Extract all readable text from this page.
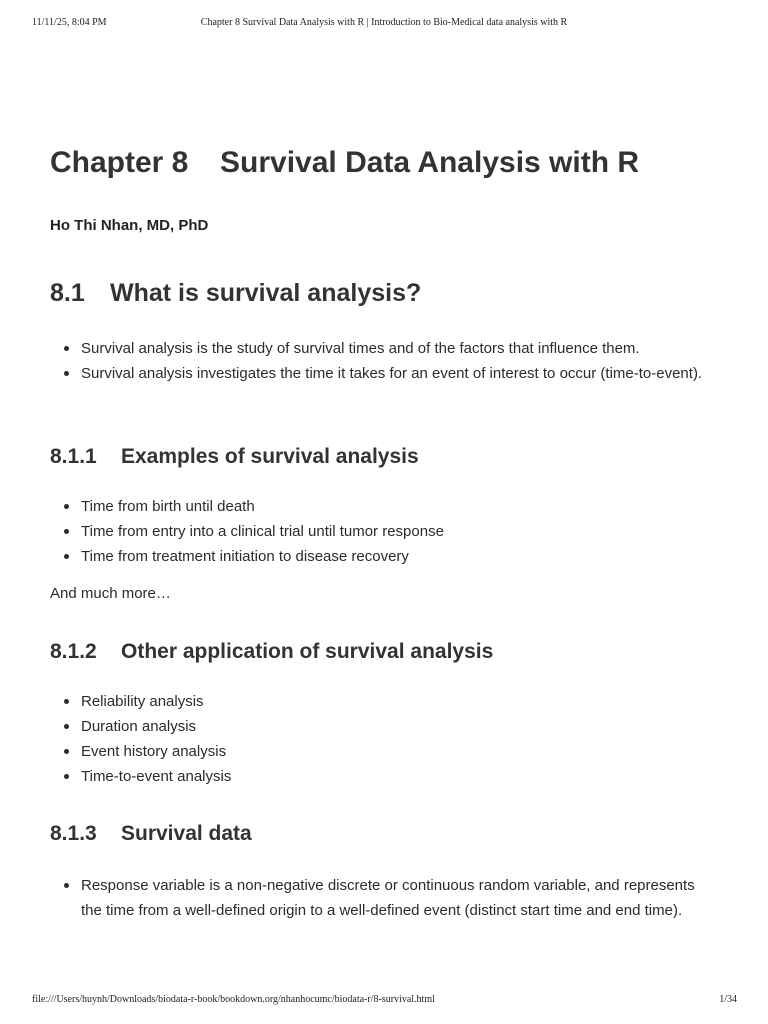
11/11/25, 8:04 PM	Chapter 8 Survival Data Analysis with R | Introduction to Bio-Medical data analysis with R
Chapter 8 Survival Data Analysis with R

Ho Thi Nhan, MD, PhD

8.1 What is survival analysis?
Survival analysis is the study of survival times and of the factors that influence them.
Survival analysis investigates the time it takes for an event of interest to occur (time-to-event).
8.1.1 Examples of survival analysis
Time from birth until death
Time from entry into a clinical trial until tumor response
Time from treatment initiation to disease recovery

And much more…

8.1.2 Other application of survival analysis
Reliability analysis
Duration analysis
Event history analysis
Time-to-event analysis
8.1.3 Survival data
Response variable is a non-negative discrete or continuous random variable, and represents the time from a well-defined origin to a well-defined event (distinct start time and end time).
file:///Users/huynh/Downloads/biodata-r-book/bookdown.org/nhanhocumc/biodata-r/8-survival.html	1/34
